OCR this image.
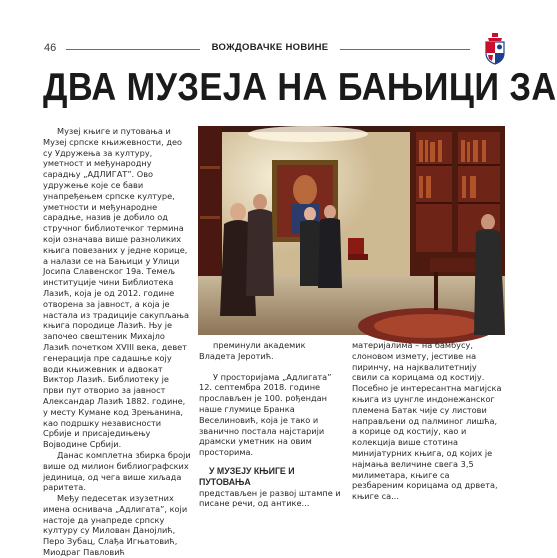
46	ВОЖДОВАЧКЕ НОВИНЕ
ДВА МУЗЕЈА НА БАЊИЦИ ЗА

Музеј књиге и путовања и Музеј српске књижевности, део су Удружења за културу, уметност и међународну сарадњу „АДЛИГАТ”. Ово удружење које се бави унапређењем српске културе, уметности и међународне сарадње, назив је добило од стручног библиотечког термина који означава више разноликих књига повезаних у једне корице, а налази се на Бањици у Улици Јосипа Славенског 19а. Темељ институције чини Библиотека Лазић, која је од 2012. године отворена за јавност, а која је настала из традиције сакупљања књига породице Лазић. Њу је започео свештеник Михајло Лазић почетком XVIII века, девет генерација пре садашње коју води књижевник и адвокат Виктор Лазић. Библиотеку је први пут отворио за јавност Александар Лазић 1882. године, у месту Кумане код Зрењанина, као подршку независности Србије и присаједињењу Војводине Србији.

Данас комплетна збирка броји више од милион библиографских јединица, од чега више хиљада раритета.

Међу педесетак изузетних имена оснивача „Адлигата”, који настоје да унапреде српску културу су Милован Данојлић, Перо Зубац, Слађа Игњатовић, Миодраг Павловић

преминули академик Владета Јеротић.

У просторијама „Адлигата” 12. септембра 2018. године прослављен је 100. рођендан наше глумице Бранка Веселиновић, која је тако и званично постала најстарији драмски уметник на овим просторима.

У МУЗЕЈУ КЊИГЕ И ПУТОВАЊА

представљен је развој штампе и писане речи, од антике...

материјалима – на бамбусу, слоновом изметy, јестиве на пиринчу, на најквалитетнију свили са корицама од костију. Посебно је интересантна магијска књига из џунгле индонежанског племена Батак чије су листови направљени од палминог лишћа, а корице од костију, као и колекција више стотина минијатурних књига, од којих је најмања величине свега 3,5 милиметара, књиге са резбареним корицама од дрвета, књиге са...
